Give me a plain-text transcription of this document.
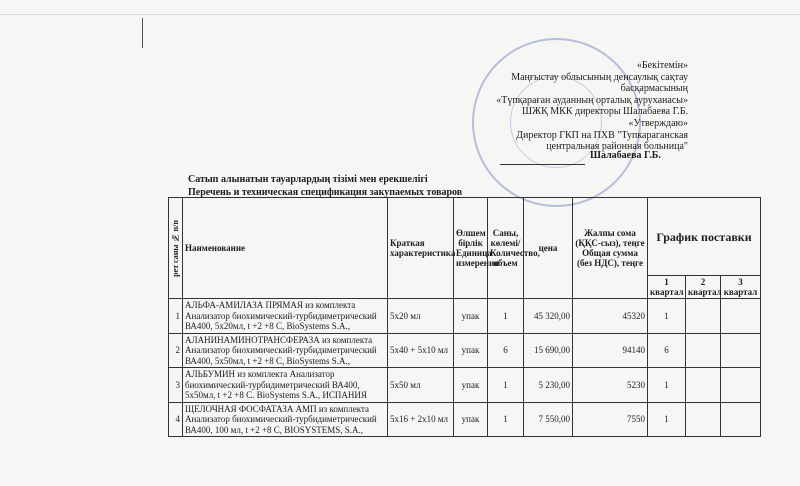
«Бекітемін»
Маңғыстау облысының денсаулық сақтау
басқармасының
«Түпқараған ауданның орталық ауруханасы»
ШЖҚ МКК директоры Шалабаева Г.Б.
«Утверждаю»
Директор ГКП на ПХВ "Тупкараганская
центральная районная больница"
Шалабаева Г.Б.
Сатып алынатын тауарлардың тізімі мен ерекшелігі
Перечень и техническая спецификация закупаемых товаров
рет саны № п/п	Наименование	Краткая характеристика	Өлшем бірлік Единица измерения	Саны, көлемі/ Количество, объем	цена	Жалпы сома (ҚҚС-сыз), теңге Общая сумма (без НДС), теңге	График поставки		
							1 квартал	2 квартал	3 квартал
1	АЛЬФА-АМИЛАЗА ПРЯМАЯ из комплекта Анализатор биохимический-турбидиметрический ВА400, 5х20мл, t +2 +8 С, BioSystems S.A.,	5х20 мл	упак	1	45 320,00	45320	1		
2	АЛАНИНАМИНОТРАНСФЕРАЗА из комплекта Анализатор биохимический-турбидиметрический ВА400, 5х50мл, t +2 +8 С, BioSystems S.A.,	5х40 + 5х10 мл	упак	6	15 690,00	94140	6		
3	АЛЬБУМИН из комплекта Анализатор биохимический-турбидиметрический ВА400, 5х50мл, t +2 +8 С. BioSystems S.A., ИСПАНИЯ	5х50 мл	упак	1	5 230,00	5230	1		
4	ЩЕЛОЧНАЯ ФОСФАТАЗА АМП из комплекта Анализатор биохимический-турбидиметрический ВА400, 100 мл, t +2 +8 С, BIOSYSTEMS, S.A.,	5х16 + 2х10 мл	упак	1	7 550,00	7550	1		
